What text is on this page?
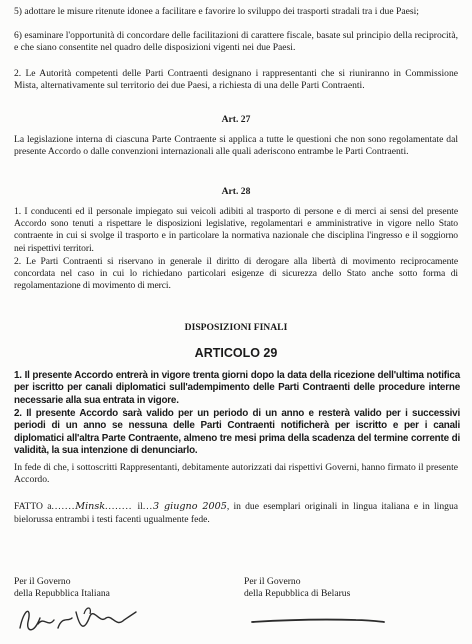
5) adottare le misure ritenute idonee a facilitare e favorire lo sviluppo dei trasporti stradali tra i due Paesi;

6) esaminare l'opportunità di concordare delle facilitazioni di carattere fiscale, basate sul principio della reciprocità, e che siano consentite nel quadro delle disposizioni vigenti nei due Paesi.

2. Le Autorità competenti delle Parti Contraenti designano i rappresentanti che si riuniranno in Commissione Mista, alternativamente sul territorio dei due Paesi, a richiesta di una delle Parti Contraenti.

Art. 27

La legislazione interna di ciascuna Parte Contraente si applica a tutte le questioni che non sono regolamentate dal presente Accordo o dalle convenzioni internazionali alle quali aderiscono entrambe le Parti Contraenti.

Art. 28

1. I conducenti ed il personale impiegato sui veicoli adibiti al trasporto di persone e di merci ai sensi del presente Accordo sono tenuti a rispettare le disposizioni legislative, regolamentari e amministrative in vigore nello Stato contraente in cui si svolge il trasporto e in particolare la normativa nazionale che disciplina l'ingresso e il soggiorno nei rispettivi territori.

2. Le Parti Contraenti si riservano in generale il diritto di derogare alla libertà di movimento reciprocamente concordata nel caso in cui lo richiedano particolari esigenze di sicurezza dello Stato anche sotto forma di regolamentazione di movimento di merci.

DISPOSIZIONI FINALI
ARTICOLO 29

1. Il presente Accordo entrerà in vigore trenta giorni dopo la data della ricezione dell'ultima notifica per iscritto per canali diplomatici sull'adempimento delle Parti Contraenti delle procedure interne necessarie alla sua entrata in vigore.

2. Il presente Accordo sarà valido per un periodo di un anno e resterà valido per i successivi periodi di un anno se nessuna delle Parti Contraenti notificherà per iscritto e per i canali diplomatici all'altra Parte Contraente, almeno tre mesi prima della scadenza del termine corrente di validità, la sua intenzione di denunciarlo.

In fede di che, i sottoscritti Rappresentanti, debitamente autorizzati dai rispettivi Governi, hanno firmato il presente Accordo.

FATTO a.......Minsk........ il...3 giugno 2005, in due esemplari originali in lingua italiana e in lingua bielorussa entrambi i testi facenti ugualmente fede.

Per il Governo
della Repubblica Italiana
Per il Governo
della Repubblica di Belarus
